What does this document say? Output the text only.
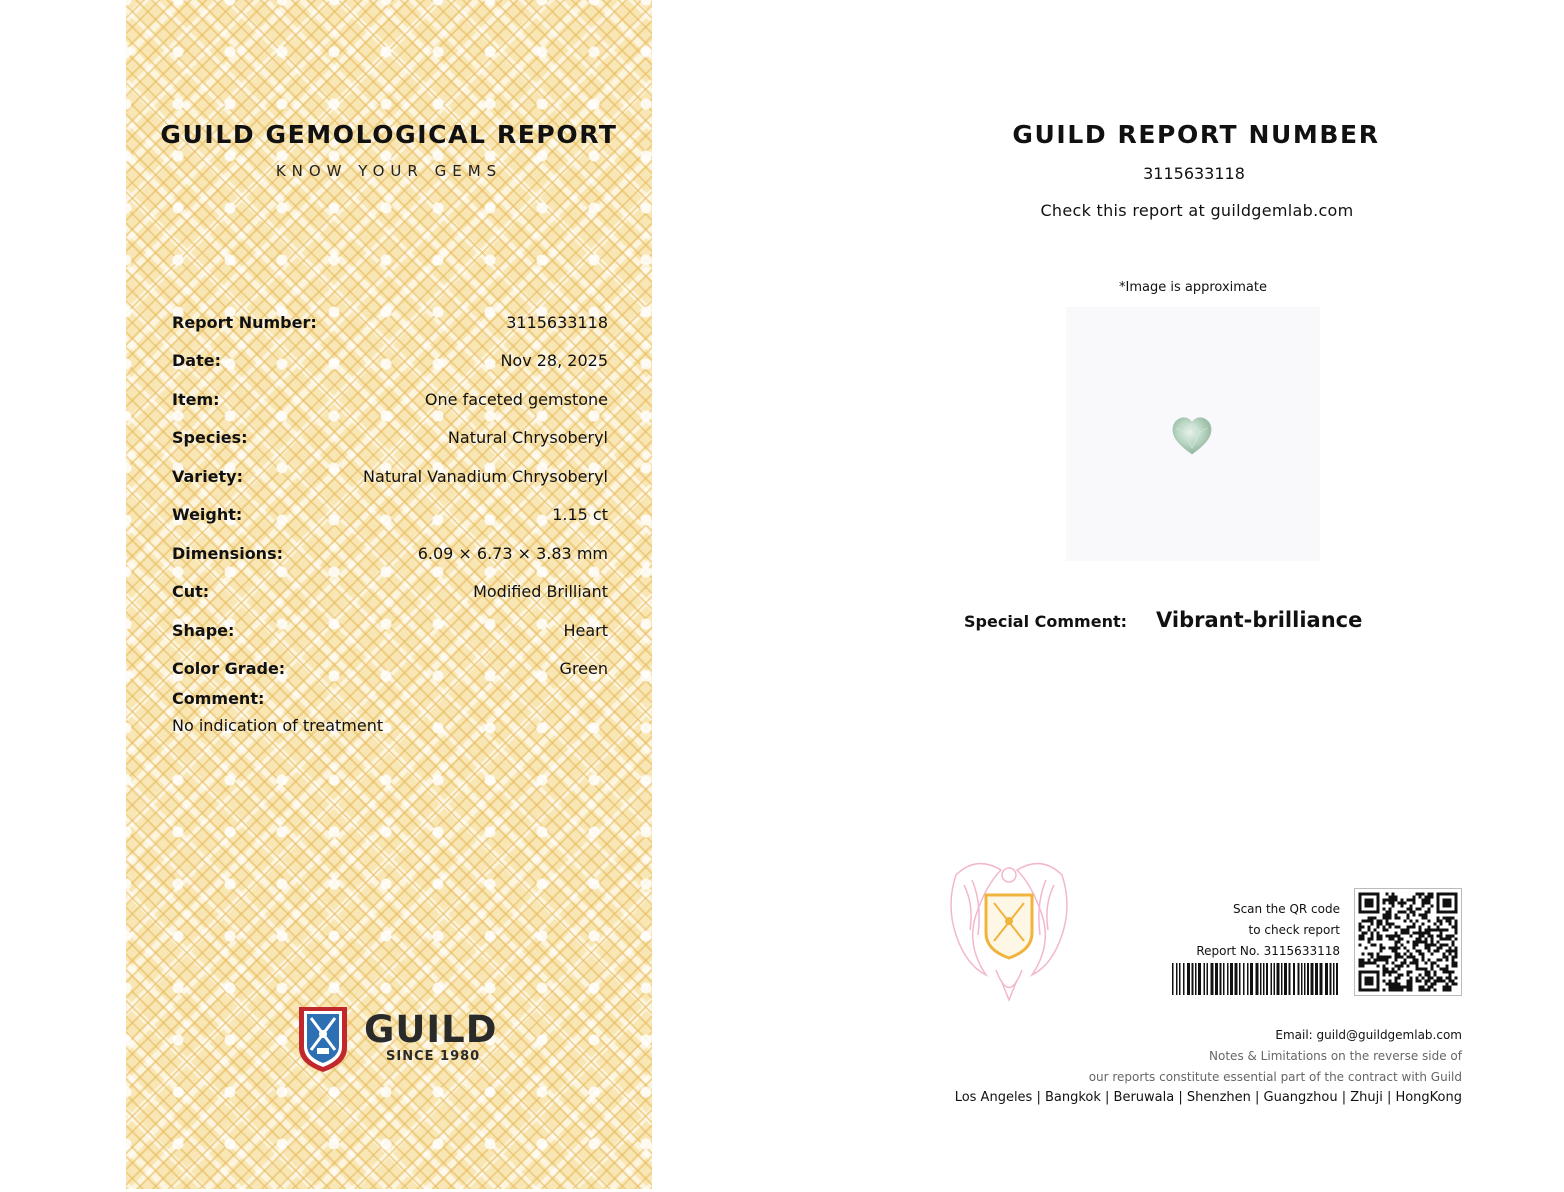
GUILD GEMOLOGICAL REPORT
KNOW YOUR GEMS
Report Number:	3115633118
Date:	Nov 28, 2025
Item:	One faceted gemstone
Species:	Natural Chrysoberyl
Variety:	Natural Vanadium Chrysoberyl
Weight:	1.15 ct
Dimensions:	6.09 × 6.73 × 3.83 mm
Cut:	Modified Brilliant
Shape:	Heart
Color Grade:	Green
Comment:
No indication of treatment
GUILD
SINCE 1980
GUILD REPORT NUMBER
3115633118
Check this report at guildgemlab.com
*Image is approximate
Special Comment: Vibrant-brilliance
Scan the QR code
to check report
Report No. 3115633118
Email: guild@guildgemlab.com
Notes & Limitations on the reverse side of
our reports constitute essential part of the contract with Guild
Los Angeles | Bangkok | Beruwala | Shenzhen | Guangzhou | Zhuji | HongKong
